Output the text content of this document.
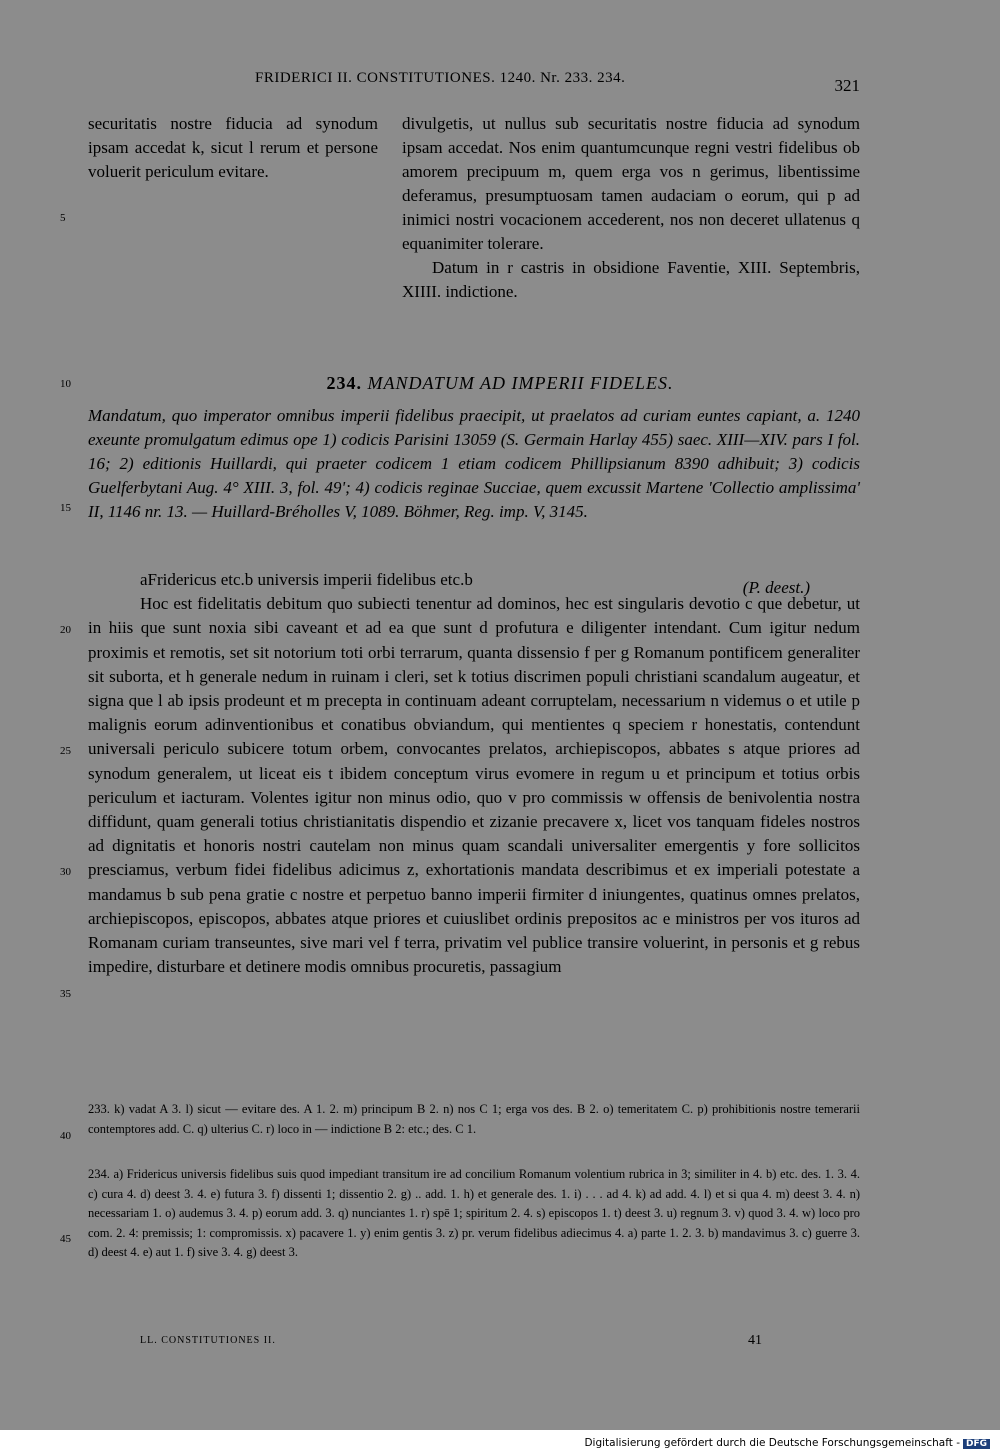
FRIDERICI II. CONSTITUTIONES. 1240. Nr. 233. 234.	321
5
10
15
20
25
30
35
40
45

securitatis nostre fiducia ad synodum ipsam accedat k, sicut l rerum et persone voluerit periculum evitare.

divulgetis, ut nullus sub securitatis nostre fiducia ad synodum ipsam accedat. Nos enim quantumcunque regni vestri fidelibus ob amorem precipuum m, quem erga vos n gerimus, libentissime deferamus, presumptuosam tamen audaciam o eorum, qui p ad inimici nostri vocacionem accederent, nos non deceret ullatenus q equanimiter tolerare.

Datum in r castris in obsidione Faventie, XIII. Septembris, XIIII. indictione.

234. MANDATUM AD IMPERII FIDELES.
Mandatum, quo imperator omnibus imperii fidelibus praecipit, ut praelatos ad curiam euntes capiant, a. 1240 exeunte promulgatum edimus ope 1) codicis Parisini 13059 (S. Germain Harlay 455) saec. XIII—XIV. pars I fol. 16; 2) editionis Huillardi, qui praeter codicem 1 etiam codicem Phillipsianum 8390 adhibuit; 3) codicis Guelferbytani Aug. 4° XIII. 3, fol. 49'; 4) codicis reginae Succiae, quem excussit Martene 'Collectio amplissima' II, 1146 nr. 13. — Huillard-Bréholles V, 1089. Böhmer, Reg. imp. V, 3145.
(P. deest.)

aFridericus etc.b universis imperii fidelibus etc.b

Hoc est fidelitatis debitum quo subiecti tenentur ad dominos, hec est singularis devotio c que debetur, ut in hiis que sunt noxia sibi caveant et ad ea que sunt d profutura e diligenter intendant. Cum igitur nedum proximis et remotis, set sit notorium toti orbi terrarum, quanta dissensio f per g Romanum pontificem generaliter sit suborta, et h generale nedum in ruinam i cleri, set k totius discrimen populi christiani scandalum augeatur, et signa que l ab ipsis prodeunt et m precepta in continuam adeant corruptelam, necessarium n videmus o et utile p malignis eorum adinventionibus et conatibus obviandum, qui mentientes q speciem r honestatis, contendunt universali periculo subicere totum orbem, convocantes prelatos, archiepiscopos, abbates s atque priores ad synodum generalem, ut liceat eis t ibidem conceptum virus evomere in regum u et principum et totius orbis periculum et iacturam. Volentes igitur non minus odio, quo v pro commissis w offensis de benivolentia nostra diffidunt, quam generali totius christianitatis dispendio et zizanie precavere x, licet vos tanquam fideles nostros ad dignitatis et honoris nostri cautelam non minus quam scandali universaliter emergentis y fore sollicitos presciamus, verbum fidei fidelibus adicimus z, exhortationis mandata describimus et ex imperiali potestate a mandamus b sub pena gratie c nostre et perpetuo banno imperii firmiter d iniungentes, quatinus omnes prelatos, archiepiscopos, episcopos, abbates atque priores et cuiuslibet ordinis prepositos ac e ministros per vos ituros ad Romanam curiam transeuntes, sive mari vel f terra, privatim vel publice transire voluerint, in personis et g rebus impedire, disturbare et detinere modis omnibus procuretis, passagium

233. k) vadat A 3. l) sicut — evitare des. A 1. 2. m) principum B 2. n) nos C 1; erga vos des. B 2. o) temeritatem C. p) prohibitionis nostre temerarii contemptores add. C. q) ulterius C. r) loco in — indictione B 2: etc.; des. C 1.

234. a) Fridericus universis fidelibus suis quod impediant transitum ire ad concilium Romanum volentium rubrica in 3; similiter in 4. b) etc. des. 1. 3. 4. c) cura 4. d) deest 3. 4. e) futura 3. f) dissenti 1; dissentio 2. g) .. add. 1. h) et generale des. 1. i) . . . ad 4. k) ad add. 4. l) et si qua 4. m) deest 3. 4. n) necessariam 1. o) audemus 3. 4. p) eorum add. 3. q) nunciantes 1. r) spē 1; spiritum 2. 4. s) episcopos 1. t) deest 3. u) regnum 3. v) quod 3. 4. w) loco pro com. 2. 4: premissis; 1: compromissis. x) pacavere 1. y) enim gentis 3. z) pr. verum fidelibus adiecimus 4. a) parte 1. 2. 3. b) mandavimus 3. c) guerre 3. d) deest 4. e) aut 1. f) sive 3. 4. g) deest 3.

LL. CONSTITUTIONES II.	41
Digitalisierung gefördert durch die Deutsche Forschungsgemeinschaft - DFG
